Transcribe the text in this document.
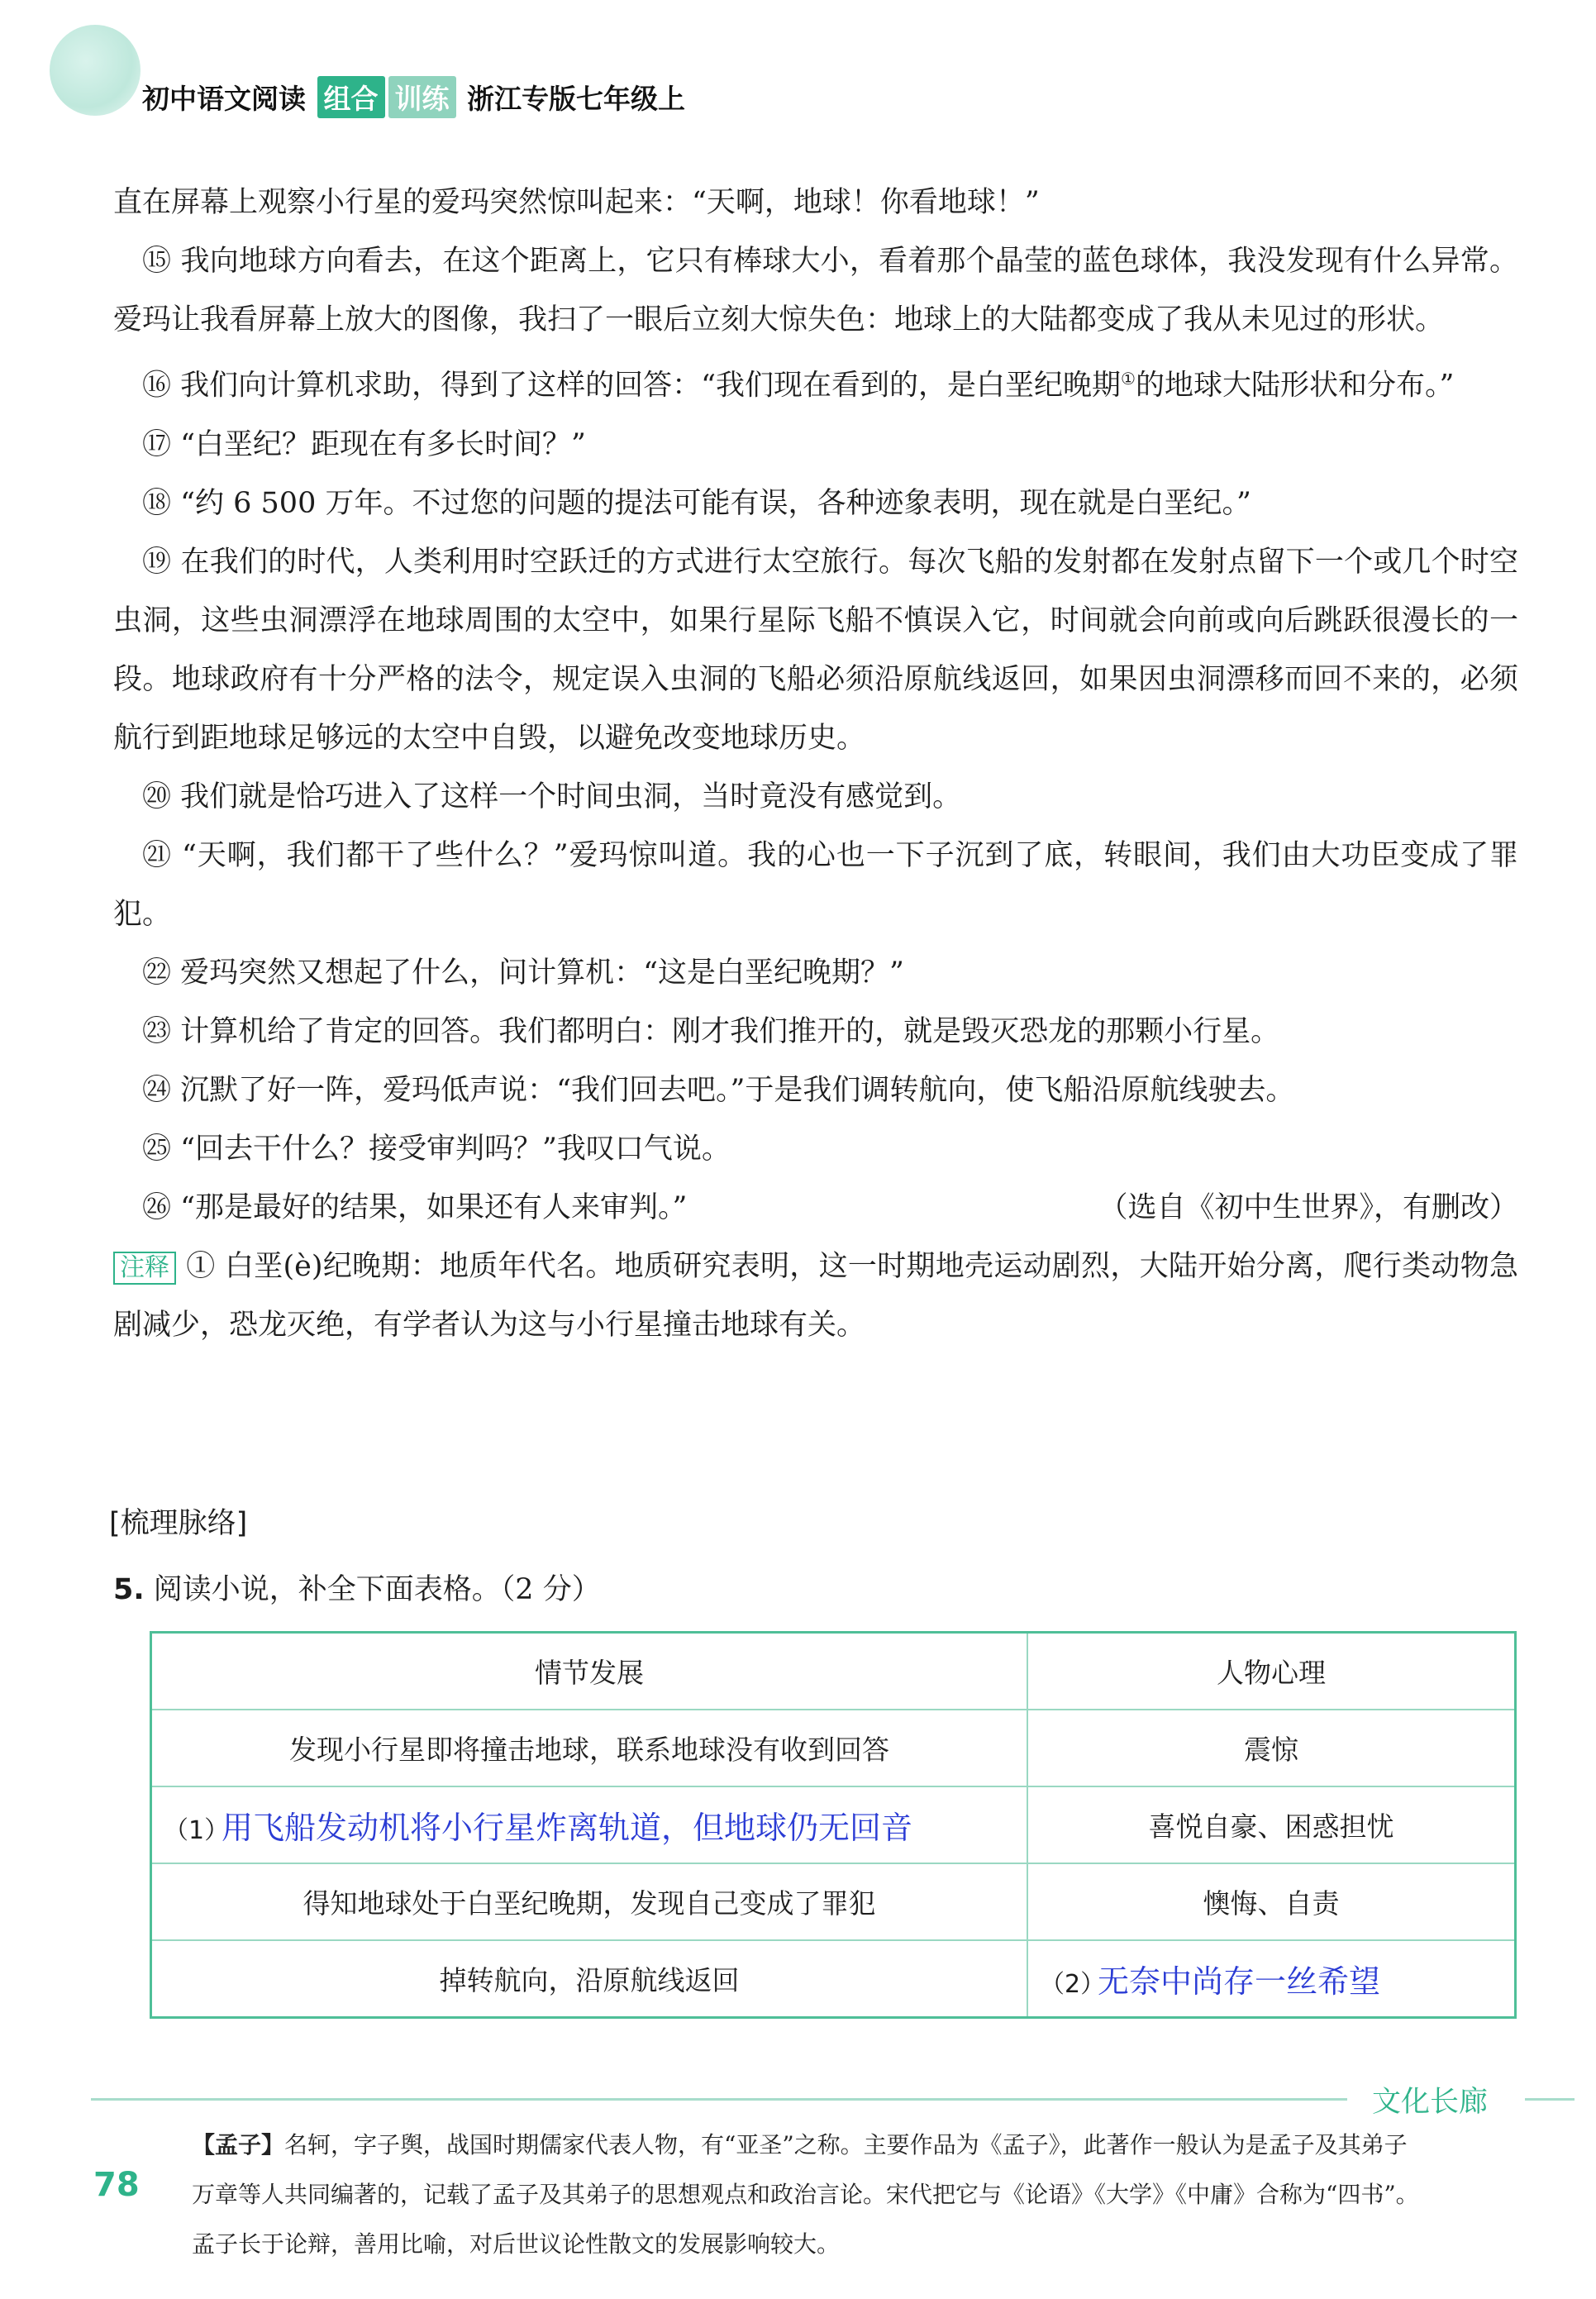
初中语文阅读 组合 训练 浙江专版七年级上

直在屏幕上观察小行星的爱玛突然惊叫起来：“天啊，地球！你看地球！”

⑮ 我向地球方向看去，在这个距离上，它只有棒球大小，看着那个晶莹的蓝色球体，我没发现有什么异常。爱玛让我看屏幕上放大的图像，我扫了一眼后立刻大惊失色：地球上的大陆都变成了我从未见过的形状。

⑯ 我们向计算机求助，得到了这样的回答：“我们现在看到的，是白垩纪晚期①的地球大陆形状和分布。”

⑰ “白垩纪？距现在有多长时间？”

⑱ “约 6 500 万年。不过您的问题的提法可能有误，各种迹象表明，现在就是白垩纪。”

⑲ 在我们的时代，人类利用时空跃迁的方式进行太空旅行。每次飞船的发射都在发射点留下一个或几个时空虫洞，这些虫洞漂浮在地球周围的太空中，如果行星际飞船不慎误入它，时间就会向前或向后跳跃很漫长的一段。地球政府有十分严格的法令，规定误入虫洞的飞船必须沿原航线返回，如果因虫洞漂移而回不来的，必须航行到距地球足够远的太空中自毁，以避免改变地球历史。

⑳ 我们就是恰巧进入了这样一个时间虫洞，当时竟没有感觉到。

㉑ “天啊，我们都干了些什么？”爱玛惊叫道。我的心也一下子沉到了底，转眼间，我们由大功臣变成了罪犯。

㉒ 爱玛突然又想起了什么，问计算机：“这是白垩纪晚期？”

㉓ 计算机给了肯定的回答。我们都明白：刚才我们推开的，就是毁灭恐龙的那颗小行星。

㉔ 沉默了好一阵，爱玛低声说：“我们回去吧。”于是我们调转航向，使飞船沿原航线驶去。

㉕ “回去干什么？接受审判吗？”我叹口气说。

㉖ “那是最好的结果，如果还有人来审判。”	（选自《初中生世界》，有删改）

注释 ① 白垩(è)纪晚期：地质年代名。地质研究表明，这一时期地壳运动剧烈，大陆开始分离，爬行类动物急剧减少，恐龙灭绝，有学者认为这与小行星撞击地球有关。

[梳理脉络]
5. 阅读小说，补全下面表格。（2 分）
情节发展	人物心理
发现小行星即将撞击地球，联系地球没有收到回答	震惊
（1）用飞船发动机将小行星炸离轨道，但地球仍无回音	喜悦自豪、困惑担忧
得知地球处于白垩纪晚期，发现自己变成了罪犯	懊悔、自责
掉转航向，沿原航线返回	（2）无奈中尚存一丝希望
文化长廊
78
【孟子】名轲，字子舆，战国时期儒家代表人物，有“亚圣”之称。主要作品为《孟子》，此著作一般认为是孟子及其弟子万章等人共同编著的，记载了孟子及其弟子的思想观点和政治言论。宋代把它与《论语》《大学》《中庸》合称为“四书”。孟子长于论辩，善用比喻，对后世议论性散文的发展影响较大。
